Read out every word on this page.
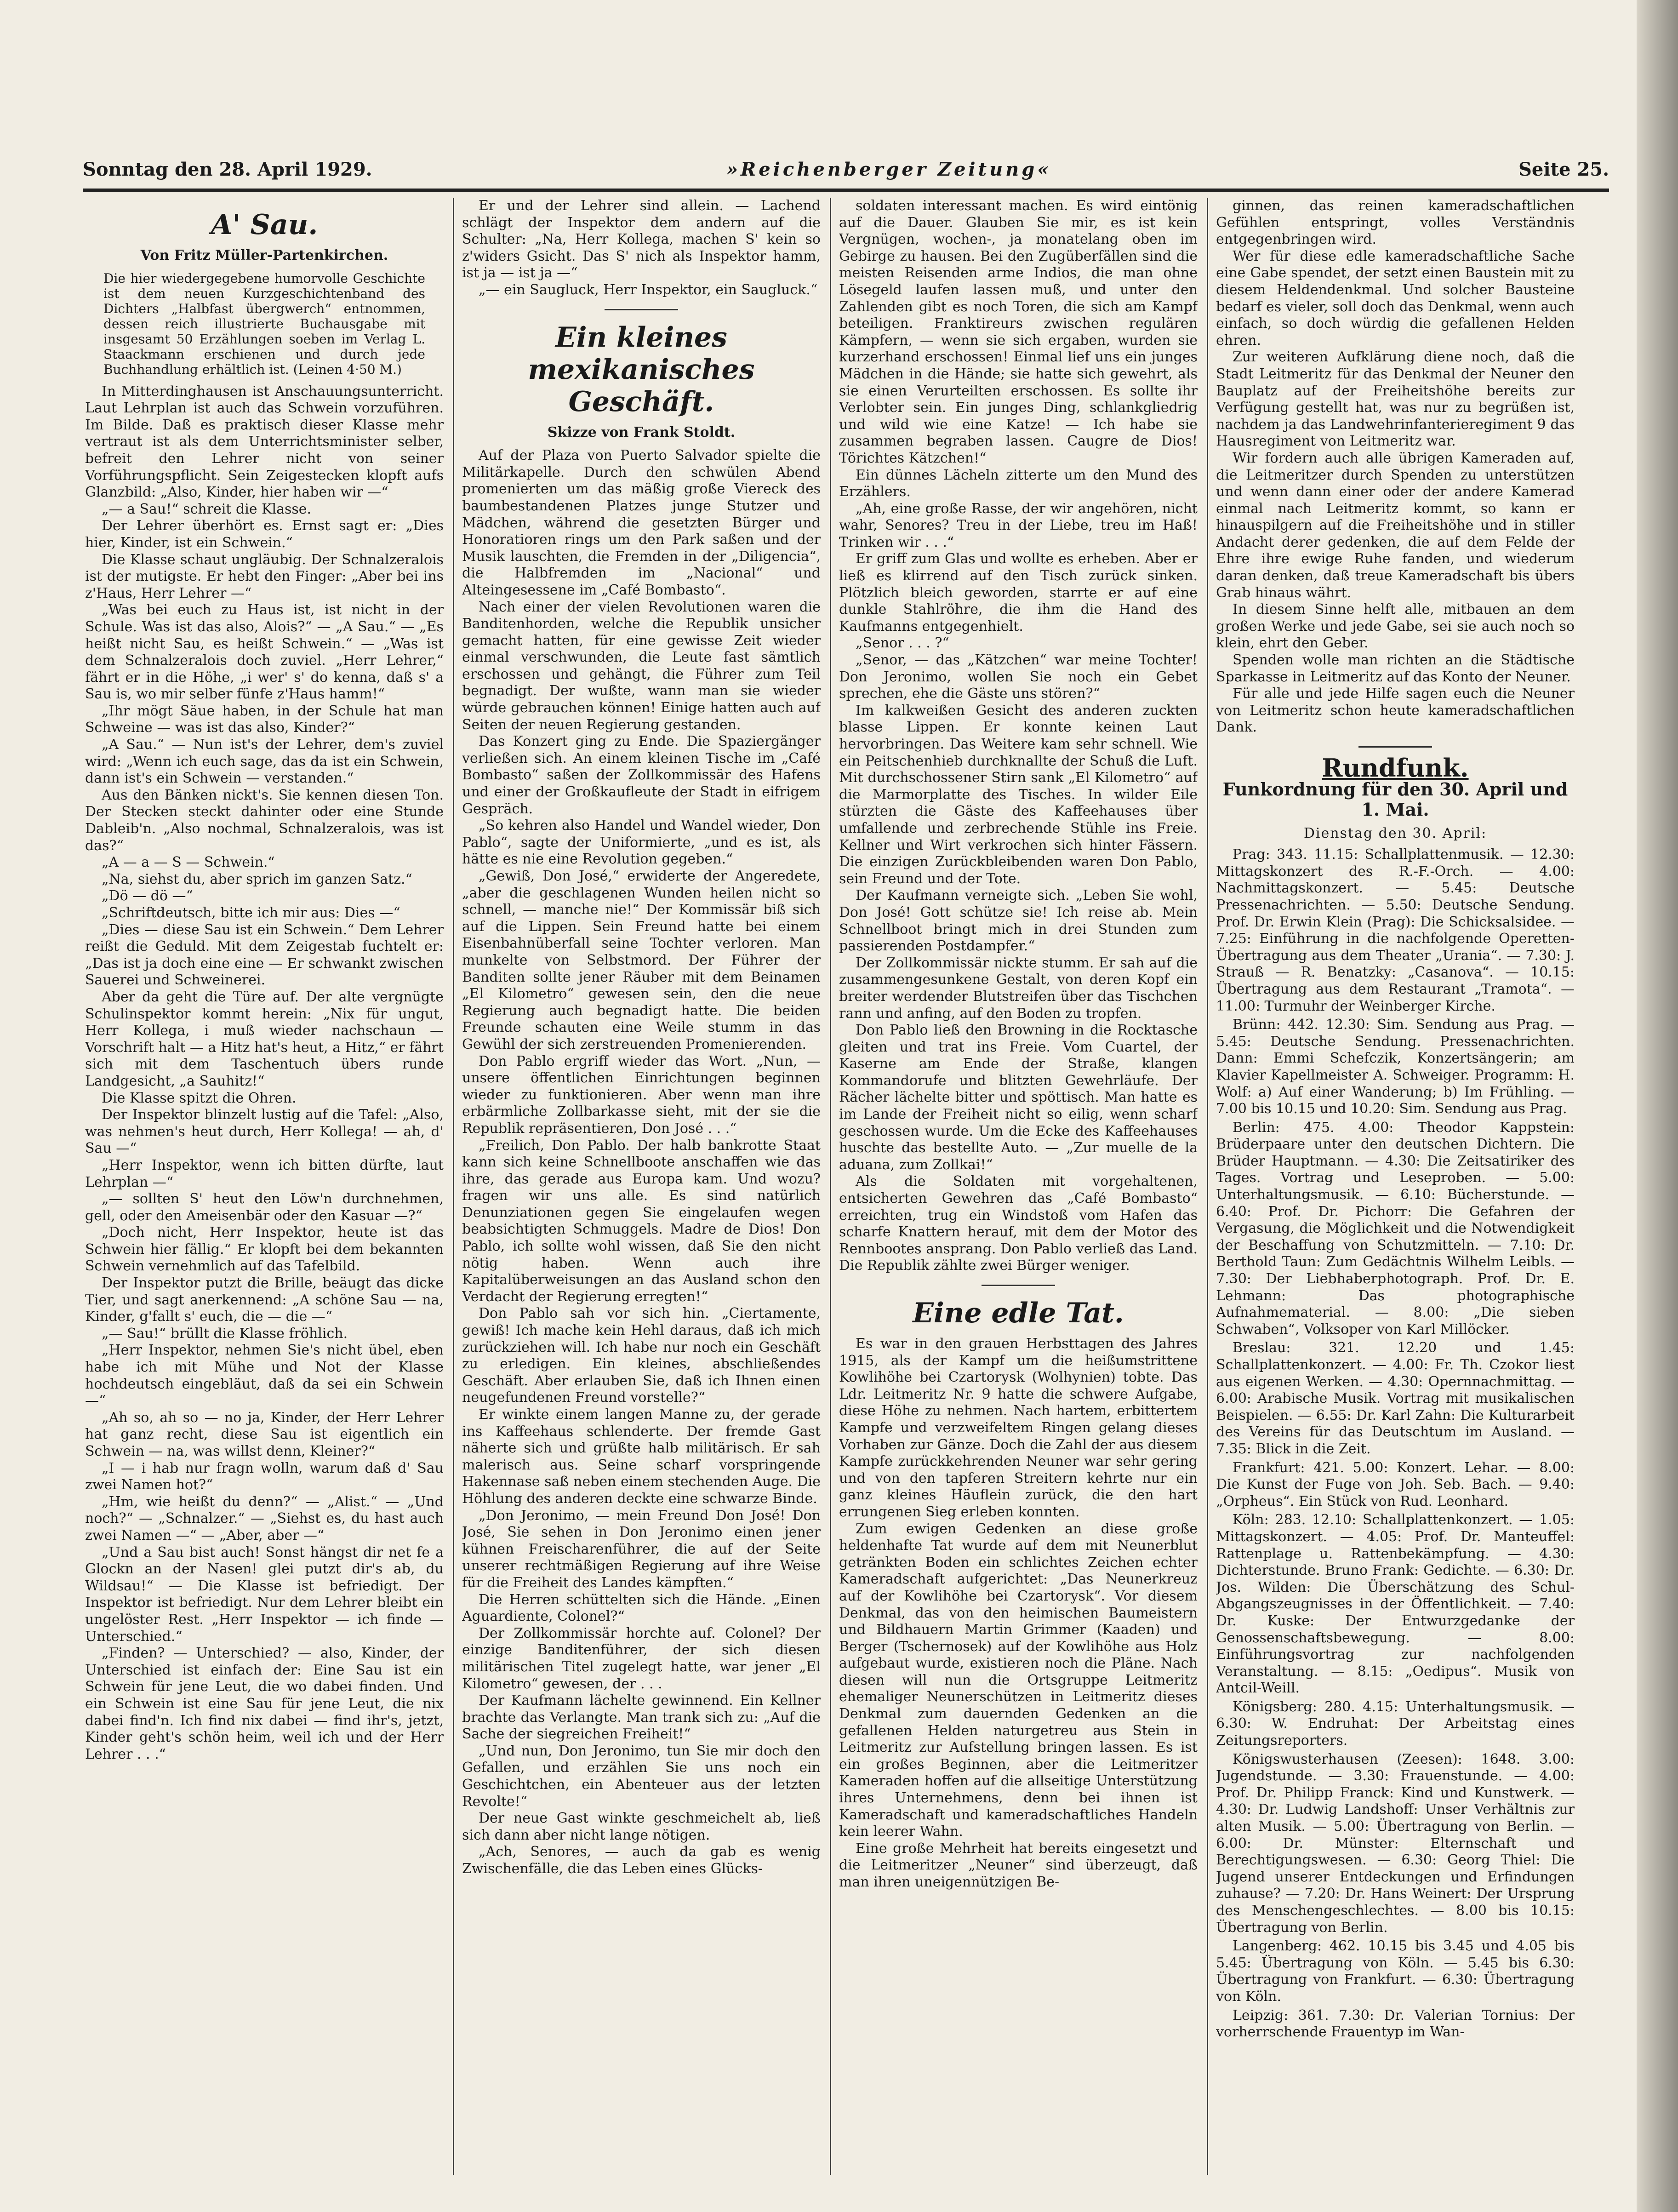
Sonntag den 28. April 1929.	»Reichenberger Zeitung«	Seite 25.
A' Sau.
Von Fritz Müller-Partenkirchen.
Die hier wiedergegebene humorvolle Geschichte ist dem neuen Kurzgeschichtenband des Dichters „Halbfast übergwerch“ entnommen, dessen reich illustrierte Buchausgabe mit insgesamt 50 Erzählungen soeben im Verlag L. Staackmann erschienen und durch jede Buchhandlung erhältlich ist. (Leinen 4·50 M.)

In Mitterdinghausen ist Anschauungsunterricht. Laut Lehrplan ist auch das Schwein vorzuführen. Im Bilde. Daß es praktisch dieser Klasse mehr vertraut ist als dem Unterrichtsminister selber, befreit den Lehrer nicht von seiner Vorführungspflicht. Sein Zeigestecken klopft aufs Glanzbild: „Also, Kinder, hier haben wir —“

„— a Sau!“ schreit die Klasse.

Der Lehrer überhört es. Ernst sagt er: „Dies hier, Kinder, ist ein Schwein.“

Die Klasse schaut ungläubig. Der Schnalzeralois ist der mutigste. Er hebt den Finger: „Aber bei ins z'Haus, Herr Lehrer —“

„Was bei euch zu Haus ist, ist nicht in der Schule. Was ist das also, Alois?“ — „A Sau.“ — „Es heißt nicht Sau, es heißt Schwein.“ — „Was ist dem Schnalzeralois doch zuviel. „Herr Lehrer,“ fährt er in die Höhe, „i wer' s' do kenna, daß s' a Sau is, wo mir selber fünfe z'Haus hamm!“

„Ihr mögt Säue haben, in der Schule hat man Schweine — was ist das also, Kinder?“

„A Sau.“ — Nun ist's der Lehrer, dem's zuviel wird: „Wenn ich euch sage, das da ist ein Schwein, dann ist's ein Schwein — verstanden.“

Aus den Bänken nickt's. Sie kennen diesen Ton. Der Stecken steckt dahinter oder eine Stunde Dableib'n. „Also nochmal, Schnalzeralois, was ist das?“

„A — a — S — Schwein.“

„Na, siehst du, aber sprich im ganzen Satz.“

„Dö — dö —“

„Schriftdeutsch, bitte ich mir aus: Dies —“

„Dies — diese Sau ist ein Schwein.“ Dem Lehrer reißt die Geduld. Mit dem Zeigestab fuchtelt er: „Das ist ja doch eine eine — Er schwankt zwischen Sauerei und Schweinerei.

Aber da geht die Türe auf. Der alte vergnügte Schulinspektor kommt herein: „Nix für ungut, Herr Kollega, i muß wieder nachschaun — Vorschrift halt — a Hitz hat's heut, a Hitz,“ er fährt sich mit dem Taschentuch übers runde Landgesicht, „a Sauhitz!“

Die Klasse spitzt die Ohren.

Der Inspektor blinzelt lustig auf die Tafel: „Also, was nehmen's heut durch, Herr Kollega! — ah, d' Sau —“

„Herr Inspektor, wenn ich bitten dürfte, laut Lehrplan —“

„— sollten S' heut den Löw'n durchnehmen, gell, oder den Ameisenbär oder den Kasuar —?“

„Doch nicht, Herr Inspektor, heute ist das Schwein hier fällig.“ Er klopft bei dem bekannten Schwein vernehmlich auf das Tafelbild.

Der Inspektor putzt die Brille, beäugt das dicke Tier, und sagt anerkennend: „A schöne Sau — na, Kinder, g'fallt s' euch, die — die —“

„— Sau!“ brüllt die Klasse fröhlich.

„Herr Inspektor, nehmen Sie's nicht übel, eben habe ich mit Mühe und Not der Klasse hochdeutsch eingebläut, daß da sei ein Schwein —“

„Ah so, ah so — no ja, Kinder, der Herr Lehrer hat ganz recht, diese Sau ist eigentlich ein Schwein — na, was willst denn, Kleiner?“

„I — i hab nur fragn wolln, warum daß d' Sau zwei Namen hot?“

„Hm, wie heißt du denn?“ — „Alist.“ — „Und noch?“ — „Schnalzer.“ — „Siehst es, du hast auch zwei Namen —“ — „Aber, aber —“

„Und a Sau bist auch! Sonst hängst dir net fe a Glockn an der Nasen! glei putzt dir's ab, du Wildsau!“ — Die Klasse ist befriedigt. Der Inspektor ist befriedigt. Nur dem Lehrer bleibt ein ungelöster Rest. „Herr Inspektor — ich finde — Unterschied.“

„Finden? — Unterschied? — also, Kinder, der Unterschied ist einfach der: Eine Sau ist ein Schwein für jene Leut, die wo dabei finden. Und ein Schwein ist eine Sau für jene Leut, die nix dabei find'n. Ich find nix dabei — find ihr's, jetzt, Kinder geht's schön heim, weil ich und der Herr Lehrer . . .“

Er und der Lehrer sind allein. — Lachend schlägt der Inspektor dem andern auf die Schulter: „Na, Herr Kollega, machen S' kein so z'widers Gsicht. Das S' nich als Inspektor hamm, ist ja — ist ja —“

„— ein Saugluck, Herr Inspektor, ein Saugluck.“

Ein kleines mexikanisches Geschäft.
Skizze von Frank Stoldt.

Auf der Plaza von Puerto Salvador spielte die Militärkapelle. Durch den schwülen Abend promenierten um das mäßig große Viereck des baumbestandenen Platzes junge Stutzer und Mädchen, während die gesetzten Bürger und Honoratioren rings um den Park saßen und der Musik lauschten, die Fremden in der „Diligencia“, die Halbfremden im „Nacional“ und Alteingesessene im „Café Bombasto“.

Nach einer der vielen Revolutionen waren die Banditenhorden, welche die Republik unsicher gemacht hatten, für eine gewisse Zeit wieder einmal verschwunden, die Leute fast sämtlich erschossen und gehängt, die Führer zum Teil begnadigt. Der wußte, wann man sie wieder würde gebrauchen können! Einige hatten auch auf Seiten der neuen Regierung gestanden.

Das Konzert ging zu Ende. Die Spaziergänger verließen sich. An einem kleinen Tische im „Café Bombasto“ saßen der Zollkommissär des Hafens und einer der Großkaufleute der Stadt in eifrigem Gespräch.

„So kehren also Handel und Wandel wieder, Don Pablo“, sagte der Uniformierte, „und es ist, als hätte es nie eine Revolution gegeben.“

„Gewiß, Don José,“ erwiderte der Angeredete, „aber die geschlagenen Wunden heilen nicht so schnell, — manche nie!“ Der Kommissär biß sich auf die Lippen. Sein Freund hatte bei einem Eisenbahnüberfall seine Tochter verloren. Man munkelte von Selbstmord. Der Führer der Banditen sollte jener Räuber mit dem Beinamen „El Kilometro“ gewesen sein, den die neue Regierung auch begnadigt hatte. Die beiden Freunde schauten eine Weile stumm in das Gewühl der sich zerstreuenden Promenierenden.

Don Pablo ergriff wieder das Wort. „Nun, — unsere öffentlichen Einrichtungen beginnen wieder zu funktionieren. Aber wenn man ihre erbärmliche Zollbarkasse sieht, mit der sie die Republik repräsentieren, Don José . . .“

„Freilich, Don Pablo. Der halb bankrotte Staat kann sich keine Schnellboote anschaffen wie das ihre, das gerade aus Europa kam. Und wozu? fragen wir uns alle. Es sind natürlich Denunziationen gegen Sie eingelaufen wegen beabsichtigten Schmuggels. Madre de Dios! Don Pablo, ich sollte wohl wissen, daß Sie den nicht nötig haben. Wenn auch ihre Kapitalüberweisungen an das Ausland schon den Verdacht der Regierung erregten!“

Don Pablo sah vor sich hin. „Ciertamente, gewiß! Ich mache kein Hehl daraus, daß ich mich zurückziehen will. Ich habe nur noch ein Geschäft zu erledigen. Ein kleines, abschließendes Geschäft. Aber erlauben Sie, daß ich Ihnen einen neugefundenen Freund vorstelle?“

Er winkte einem langen Manne zu, der gerade ins Kaffeehaus schlenderte. Der fremde Gast näherte sich und grüßte halb militärisch. Er sah malerisch aus. Seine scharf vorspringende Hakennase saß neben einem stechenden Auge. Die Höhlung des anderen deckte eine schwarze Binde.

„Don Jeronimo, — mein Freund Don José! Don José, Sie sehen in Don Jeronimo einen jener kühnen Freischarenführer, die auf der Seite unserer rechtmäßigen Regierung auf ihre Weise für die Freiheit des Landes kämpften.“

Die Herren schüttelten sich die Hände. „Einen Aguardiente, Colonel?“

Der Zollkommissär horchte auf. Colonel? Der einzige Banditenführer, der sich diesen militärischen Titel zugelegt hatte, war jener „El Kilometro“ gewesen, der . . .

Der Kaufmann lächelte gewinnend. Ein Kellner brachte das Verlangte. Man trank sich zu: „Auf die Sache der siegreichen Freiheit!“

„Und nun, Don Jeronimo, tun Sie mir doch den Gefallen, und erzählen Sie uns noch ein Geschichtchen, ein Abenteuer aus der letzten Revolte!“

Der neue Gast winkte geschmeichelt ab, ließ sich dann aber nicht lange nötigen.

„Ach, Senores, — auch da gab es wenig Zwischenfälle, die das Leben eines Glücks-

soldaten interessant machen. Es wird eintönig auf die Dauer. Glauben Sie mir, es ist kein Vergnügen, wochen-, ja monatelang oben im Gebirge zu hausen. Bei den Zugüberfällen sind die meisten Reisenden arme Indios, die man ohne Lösegeld laufen lassen muß, und unter den Zahlenden gibt es noch Toren, die sich am Kampf beteiligen. Franktireurs zwischen regulären Kämpfern, — wenn sie sich ergaben, wurden sie kurzerhand erschossen! Einmal lief uns ein junges Mädchen in die Hände; sie hatte sich gewehrt, als sie einen Verurteilten erschossen. Es sollte ihr Verlobter sein. Ein junges Ding, schlankgliedrig und wild wie eine Katze! — Ich habe sie zusammen begraben lassen. Caugre de Dios! Törichtes Kätzchen!“

Ein dünnes Lächeln zitterte um den Mund des Erzählers.

„Ah, eine große Rasse, der wir angehören, nicht wahr, Senores? Treu in der Liebe, treu im Haß! Trinken wir . . .“

Er griff zum Glas und wollte es erheben. Aber er ließ es klirrend auf den Tisch zurück sinken. Plötzlich bleich geworden, starrte er auf eine dunkle Stahlröhre, die ihm die Hand des Kaufmanns entgegenhielt.

„Senor . . . ?“

„Senor, — das „Kätzchen“ war meine Tochter! Don Jeronimo, wollen Sie noch ein Gebet sprechen, ehe die Gäste uns stören?“

Im kalkweißen Gesicht des anderen zuckten blasse Lippen. Er konnte keinen Laut hervorbringen. Das Weitere kam sehr schnell. Wie ein Peitschenhieb durchknallte der Schuß die Luft. Mit durchschossener Stirn sank „El Kilometro“ auf die Marmorplatte des Tisches. In wilder Eile stürzten die Gäste des Kaffeehauses über umfallende und zerbrechende Stühle ins Freie. Kellner und Wirt verkrochen sich hinter Fässern. Die einzigen Zurückbleibenden waren Don Pablo, sein Freund und der Tote.

Der Kaufmann verneigte sich. „Leben Sie wohl, Don José! Gott schütze sie! Ich reise ab. Mein Schnellboot bringt mich in drei Stunden zum passierenden Postdampfer.“

Der Zollkommissär nickte stumm. Er sah auf die zusammengesunkene Gestalt, von deren Kopf ein breiter werdender Blutstreifen über das Tischchen rann und anfing, auf den Boden zu tropfen.

Don Pablo ließ den Browning in die Rocktasche gleiten und trat ins Freie. Vom Cuartel, der Kaserne am Ende der Straße, klangen Kommandorufe und blitzten Gewehrläufe. Der Rächer lächelte bitter und spöttisch. Man hatte es im Lande der Freiheit nicht so eilig, wenn scharf geschossen wurde. Um die Ecke des Kaffeehauses huschte das bestellte Auto. — „Zur muelle de la aduana, zum Zollkai!“

Als die Soldaten mit vorgehaltenen, entsicherten Gewehren das „Café Bombasto“ erreichten, trug ein Windstoß vom Hafen das scharfe Knattern herauf, mit dem der Motor des Rennbootes ansprang. Don Pablo verließ das Land. Die Republik zählte zwei Bürger weniger.

Eine edle Tat.

Es war in den grauen Herbsttagen des Jahres 1915, als der Kampf um die heißumstrittene Kowlihöhe bei Czartorysk (Wolhynien) tobte. Das Ldr. Leitmeritz Nr. 9 hatte die schwere Aufgabe, diese Höhe zu nehmen. Nach hartem, erbittertem Kampfe und verzweifeltem Ringen gelang dieses Vorhaben zur Gänze. Doch die Zahl der aus diesem Kampfe zurückkehrenden Neuner war sehr gering und von den tapferen Streitern kehrte nur ein ganz kleines Häuflein zurück, die den hart errungenen Sieg erleben konnten.

Zum ewigen Gedenken an diese große heldenhafte Tat wurde auf dem mit Neunerblut getränkten Boden ein schlichtes Zeichen echter Kameradschaft aufgerichtet: „Das Neunerkreuz auf der Kowlihöhe bei Czartorysk“. Vor diesem Denkmal, das von den heimischen Baumeistern und Bildhauern Martin Grimmer (Kaaden) und Berger (Tschernosek) auf der Kowlihöhe aus Holz aufgebaut wurde, existieren noch die Pläne. Nach diesen will nun die Ortsgruppe Leitmeritz ehemaliger Neunerschützen in Leitmeritz dieses Denkmal zum dauernden Gedenken an die gefallenen Helden naturgetreu aus Stein in Leitmeritz zur Aufstellung bringen lassen. Es ist ein großes Beginnen, aber die Leitmeritzer Kameraden hoffen auf die allseitige Unterstützung ihres Unternehmens, denn bei ihnen ist Kameradschaft und kameradschaftliches Handeln kein leerer Wahn.

Eine große Mehrheit hat bereits eingesetzt und die Leitmeritzer „Neuner“ sind überzeugt, daß man ihren uneigennützigen Be-

ginnen, das reinen kameradschaftlichen Gefühlen entspringt, volles Verständnis entgegenbringen wird.

Wer für diese edle kameradschaftliche Sache eine Gabe spendet, der setzt einen Baustein mit zu diesem Heldendenkmal. Und solcher Bausteine bedarf es vieler, soll doch das Denkmal, wenn auch einfach, so doch würdig die gefallenen Helden ehren.

Zur weiteren Aufklärung diene noch, daß die Stadt Leitmeritz für das Denkmal der Neuner den Bauplatz auf der Freiheitshöhe bereits zur Verfügung gestellt hat, was nur zu begrüßen ist, nachdem ja das Landwehrinfanterieregiment 9 das Hausregiment von Leitmeritz war.

Wir fordern auch alle übrigen Kameraden auf, die Leitmeritzer durch Spenden zu unterstützen und wenn dann einer oder der andere Kamerad einmal nach Leitmeritz kommt, so kann er hinauspilgern auf die Freiheitshöhe und in stiller Andacht derer gedenken, die auf dem Felde der Ehre ihre ewige Ruhe fanden, und wiederum daran denken, daß treue Kameradschaft bis übers Grab hinaus währt.

In diesem Sinne helft alle, mitbauen an dem großen Werke und jede Gabe, sei sie auch noch so klein, ehrt den Geber.

Spenden wolle man richten an die Städtische Sparkasse in Leitmeritz auf das Konto der Neuner.

Für alle und jede Hilfe sagen euch die Neuner von Leitmeritz schon heute kameradschaftlichen Dank.

Rundfunk.
Funkordnung für den 30. April und 1. Mai.
Dienstag den 30. April:

Prag: 343. 11.15: Schallplattenmusik. — 12.30: Mittagskonzert des R.-F.-Orch. — 4.00: Nachmittagskonzert. — 5.45: Deutsche Pressenachrichten. — 5.50: Deutsche Sendung. Prof. Dr. Erwin Klein (Prag): Die Schicksalsidee. — 7.25: Einführung in die nachfolgende Operetten-Übertragung aus dem Theater „Urania“. — 7.30: J. Strauß — R. Benatzky: „Casanova“. — 10.15: Übertragung aus dem Restaurant „Tramota“. — 11.00: Turmuhr der Weinberger Kirche.

Brünn: 442. 12.30: Sim. Sendung aus Prag. — 5.45: Deutsche Sendung. Pressenachrichten. Dann: Emmi Schefczik, Konzertsängerin; am Klavier Kapellmeister A. Schweiger. Programm: H. Wolf: a) Auf einer Wanderung; b) Im Frühling. — 7.00 bis 10.15 und 10.20: Sim. Sendung aus Prag.

Berlin: 475. 4.00: Theodor Kappstein: Brüderpaare unter den deutschen Dichtern. Die Brüder Hauptmann. — 4.30: Die Zeitsatiriker des Tages. Vortrag und Leseproben. — 5.00: Unterhaltungsmusik. — 6.10: Bücherstunde. — 6.40: Prof. Dr. Pichorr: Die Gefahren der Vergasung, die Möglichkeit und die Notwendigkeit der Beschaffung von Schutzmitteln. — 7.10: Dr. Berthold Taun: Zum Gedächtnis Wilhelm Leibls. — 7.30: Der Liebhaberphotograph. Prof. Dr. E. Lehmann: Das photographische Aufnahmematerial. — 8.00: „Die sieben Schwaben“, Volksoper von Karl Millöcker.

Breslau: 321. 12.20 und 1.45: Schallplattenkonzert. — 4.00: Fr. Th. Czokor liest aus eigenen Werken. — 4.30: Opernnachmittag. — 6.00: Arabische Musik. Vortrag mit musikalischen Beispielen. — 6.55: Dr. Karl Zahn: Die Kulturarbeit des Vereins für das Deutschtum im Ausland. — 7.35: Blick in die Zeit.

Frankfurt: 421. 5.00: Konzert. Lehar. — 8.00: Die Kunst der Fuge von Joh. Seb. Bach. — 9.40: „Orpheus“. Ein Stück von Rud. Leonhard.

Köln: 283. 12.10: Schallplattenkonzert. — 1.05: Mittagskonzert. — 4.05: Prof. Dr. Manteuffel: Rattenplage u. Rattenbekämpfung. — 4.30: Dichterstunde. Bruno Frank: Gedichte. — 6.30: Dr. Jos. Wilden: Die Überschätzung des Schul-Abgangszeugnisses in der Öffentlichkeit. — 7.40: Dr. Kuske: Der Entwurzgedanke der Genossenschaftsbewegung. — 8.00: Einführungsvortrag zur nachfolgenden Veranstaltung. — 8.15: „Oedipus“. Musik von Antcil-Weill.

Königsberg: 280. 4.15: Unterhaltungsmusik. — 6.30: W. Endruhat: Der Arbeitstag eines Zeitungsreporters.

Königswusterhausen (Zeesen): 1648. 3.00: Jugendstunde. — 3.30: Frauenstunde. — 4.00: Prof. Dr. Philipp Franck: Kind und Kunstwerk. — 4.30: Dr. Ludwig Landshoff: Unser Verhältnis zur alten Musik. — 5.00: Übertragung von Berlin. — 6.00: Dr. Münster: Elternschaft und Berechtigungswesen. — 6.30: Georg Thiel: Die Jugend unserer Entdeckungen und Erfindungen zuhause? — 7.20: Dr. Hans Weinert: Der Ursprung des Menschengeschlechtes. — 8.00 bis 10.15: Übertragung von Berlin.

Langenberg: 462. 10.15 bis 3.45 und 4.05 bis 5.45: Übertragung von Köln. — 5.45 bis 6.30: Übertragung von Frankfurt. — 6.30: Übertragung von Köln.

Leipzig: 361. 7.30: Dr. Valerian Tornius: Der vorherrschende Frauentyp im Wan-
